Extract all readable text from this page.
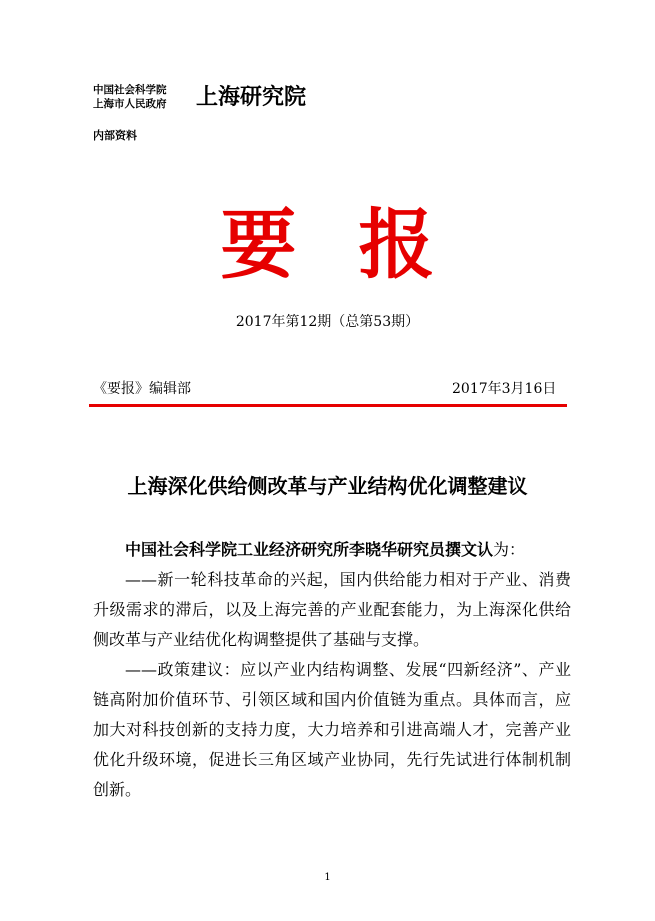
中国社会科学院
上海市人民政府	上海研究院
内部资料
要报
2017年第12期（总第53期）
《要报》编辑部	2017年3月16日
上海深化供给侧改革与产业结构优化调整建议

中国社会科学院工业经济研究所李晓华研究员撰文认为：

——新一轮科技革命的兴起，国内供给能力相对于产业、消费升级需求的滞后，以及上海完善的产业配套能力，为上海深化供给侧改革与产业结优化构调整提供了基础与支撑。

——政策建议：应以产业内结构调整、发展“四新经济”、产业链高附加价值环节、引领区域和国内价值链为重点。具体而言，应加大对科技创新的支持力度，大力培养和引进高端人才，完善产业优化升级环境，促进长三角区域产业协同，先行先试进行体制机制创新。

1
